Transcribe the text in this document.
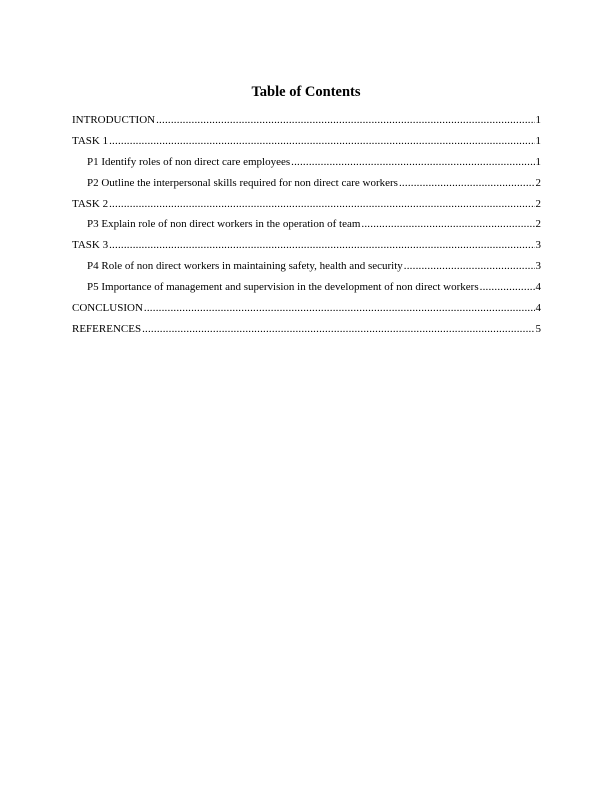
Table of Contents
INTRODUCTION .....	1
TASK 1 .....	1
P1 Identify roles of non direct care employees .....	1
P2 Outline the interpersonal skills required for non direct care workers .....	2
TASK 2 .....	2
P3 Explain role of non direct workers in the operation of team .....	2
TASK 3 .....	3
P4 Role of non direct workers in maintaining safety, health and security .....	3
P5 Importance of management and supervision in the development of non direct workers .....	4
CONCLUSION .....	4
REFERENCES .....	5
